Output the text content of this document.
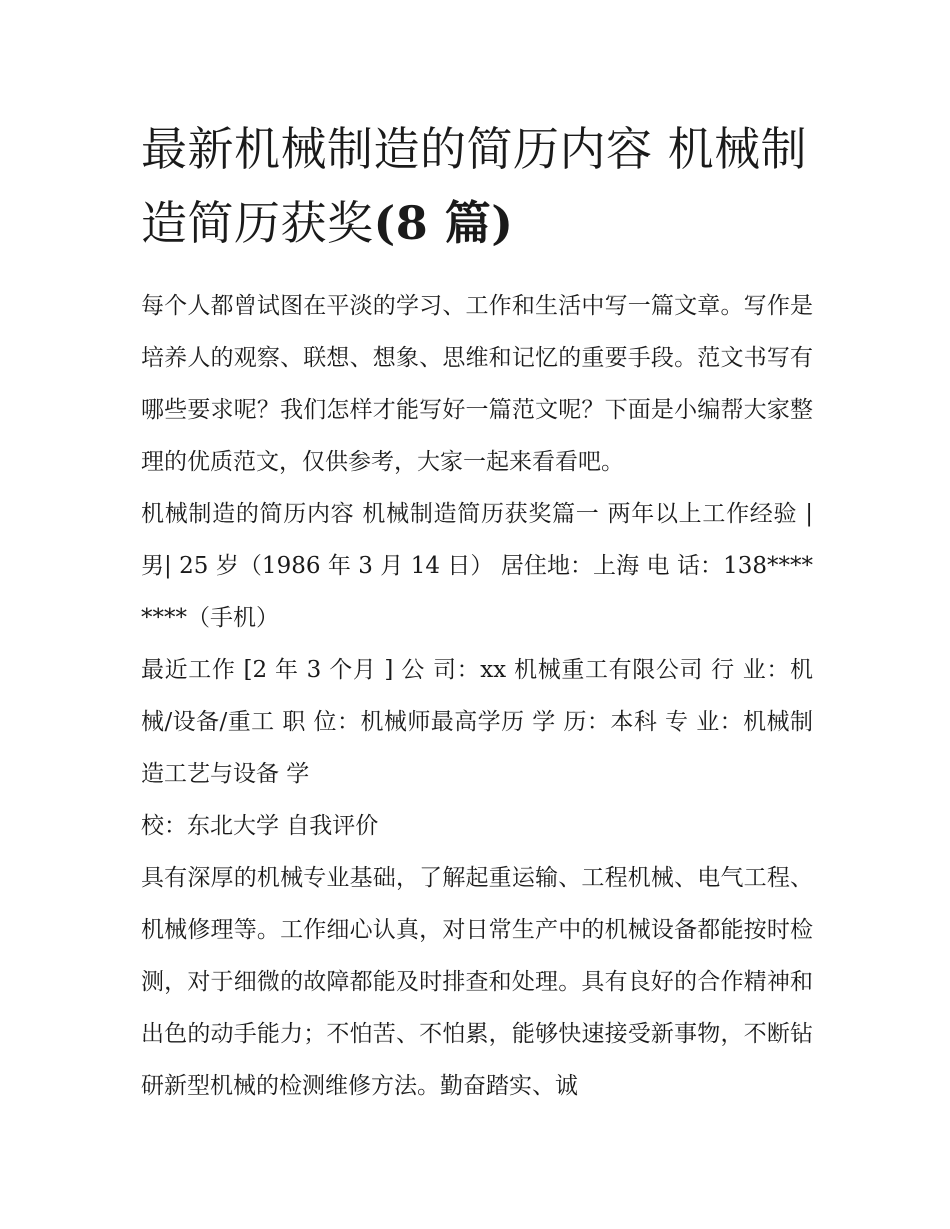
最新机械制造的简历内容 机械制造简历获奖(8 篇)

每个人都曾试图在平淡的学习、工作和生活中写一篇文章。写作是培养人的观察、联想、想象、思维和记忆的重要手段。范文书写有哪些要求呢？我们怎样才能写好一篇范文呢？下面是小编帮大家整理的优质范文，仅供参考，大家一起来看看吧。

机械制造的简历内容 机械制造简历获奖篇一 两年以上工作经验 | 男| 25 岁（1986 年 3 月 14 日） 居住地：上海 电 话：138********（手机）

最近工作 [2 年 3 个月 ] 公 司：xx 机械重工有限公司 行 业：机械/设备/重工 职 位：机械师最高学历 学 历：本科 专 业：机械制造工艺与设备 学

校：东北大学 自我评价

具有深厚的机械专业基础，了解起重运输、工程机械、电气工程、机械修理等。工作细心认真，对日常生产中的机械设备都能按时检测，对于细微的故障都能及时排查和处理。具有良好的合作精神和出色的动手能力；不怕苦、不怕累，能够快速接受新事物，不断钻研新型机械的检测维修方法。勤奋踏实、诚
